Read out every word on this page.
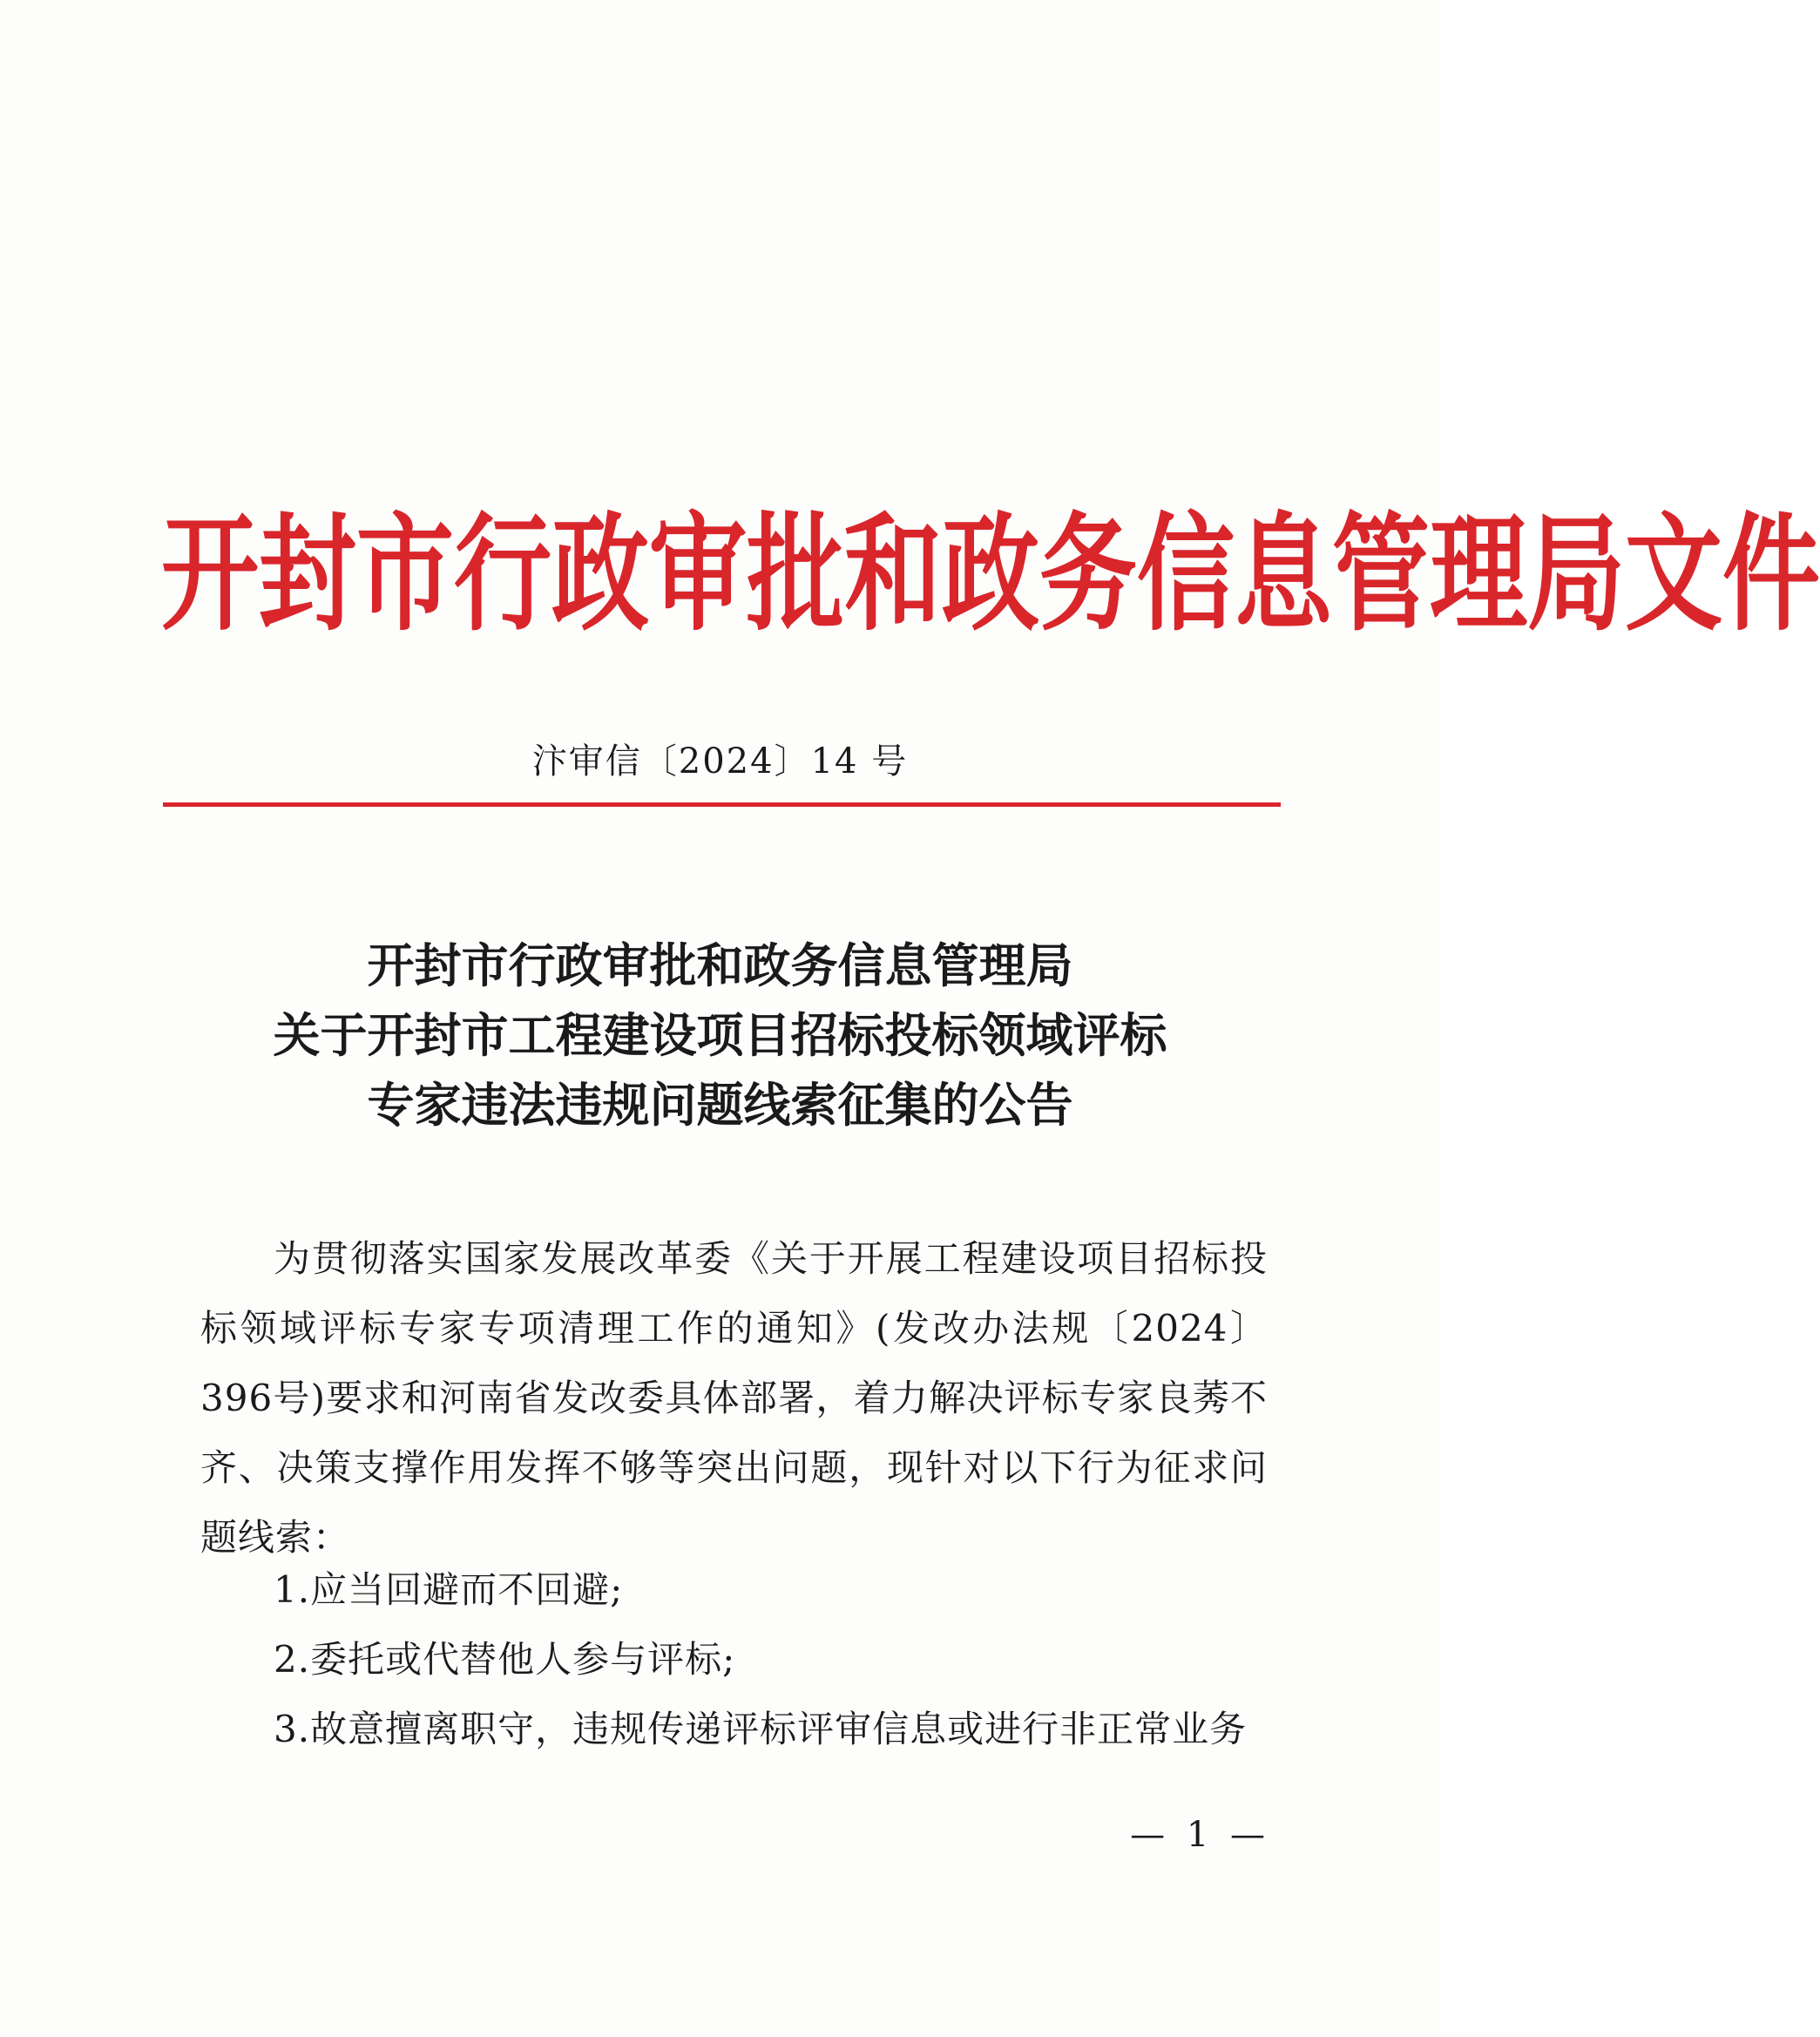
开 封 市 行 政 审 批 和 政 务 信 息 管 理 局 文 件
汴审信〔2024〕14 号
开封市行政审批和政务信息管理局
关于开封市工程建设项目招标投标领域评标
专家违法违规问题线索征集的公告
为贯彻落实国家发展改革委《关于开展工程建设项目招标投标领域评标专家专项清理工作的通知》(发改办法规〔2024〕396号)要求和河南省发改委具体部署，着力解决评标专家良莠不齐、决策支撑作用发挥不够等突出问题，现针对以下行为征求问题线索：
1.应当回避而不回避;
2.委托或代替他人参与评标;
3.故意擅离职守，违规传递评标评审信息或进行非正常业务
— 1 —
